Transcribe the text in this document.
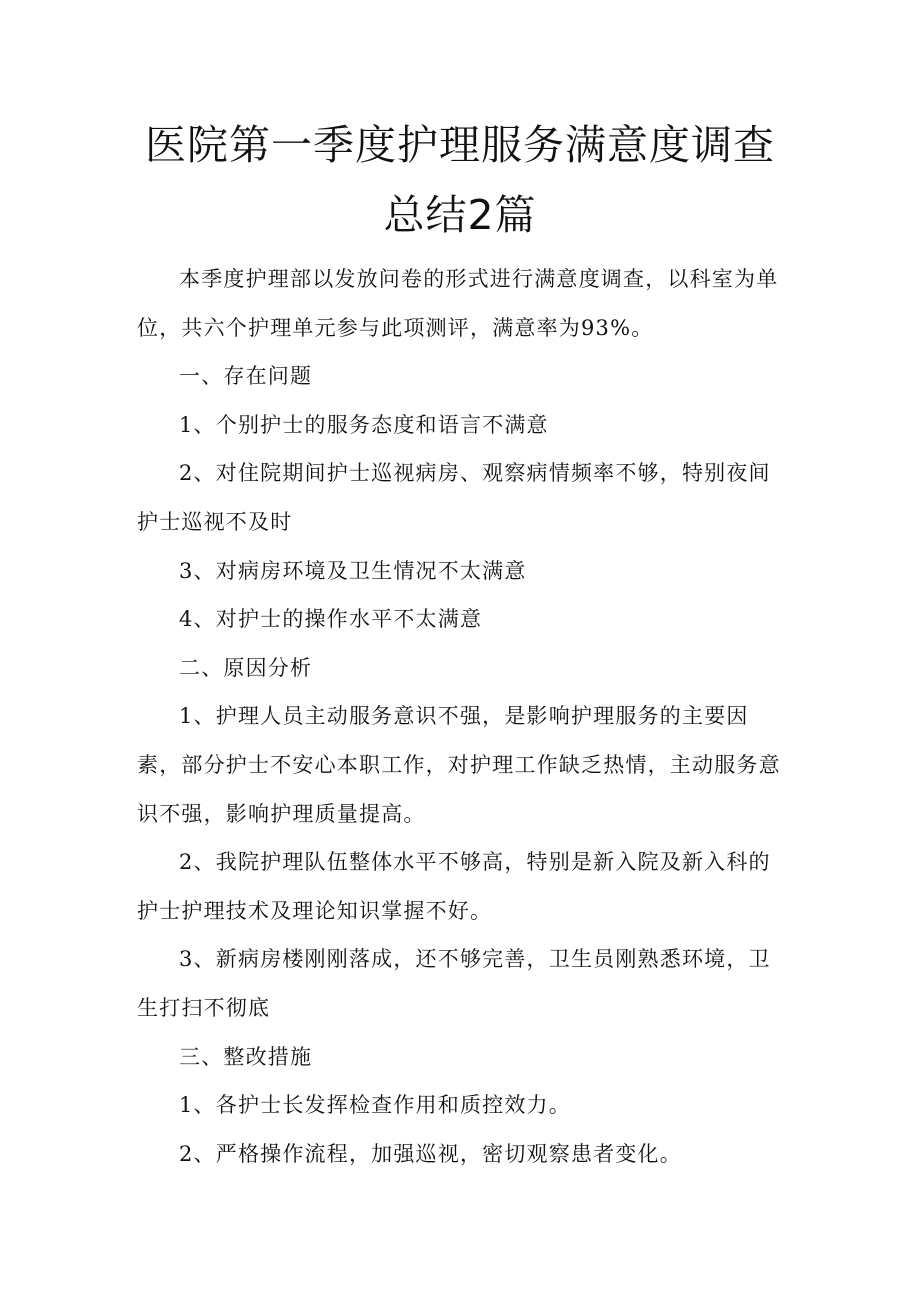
医院第一季度护理服务满意度调查
总结2篇

本季度护理部以发放问卷的形式进行满意度调查，以科室为单位，共六个护理单元参与此项测评，满意率为93%。

一、存在问题

1、个别护士的服务态度和语言不满意

2、对住院期间护士巡视病房、观察病情频率不够，特别夜间护士巡视不及时

3、对病房环境及卫生情况不太满意

4、对护士的操作水平不太满意

二、原因分析

1、护理人员主动服务意识不强，是影响护理服务的主要因素，部分护士不安心本职工作，对护理工作缺乏热情，主动服务意识不强，影响护理质量提高。

2、我院护理队伍整体水平不够高，特别是新入院及新入科的护士护理技术及理论知识掌握不好。

3、新病房楼刚刚落成，还不够完善，卫生员刚熟悉环境，卫生打扫不彻底

三、整改措施

1、各护士长发挥检查作用和质控效力。

2、严格操作流程，加强巡视，密切观察患者变化。
